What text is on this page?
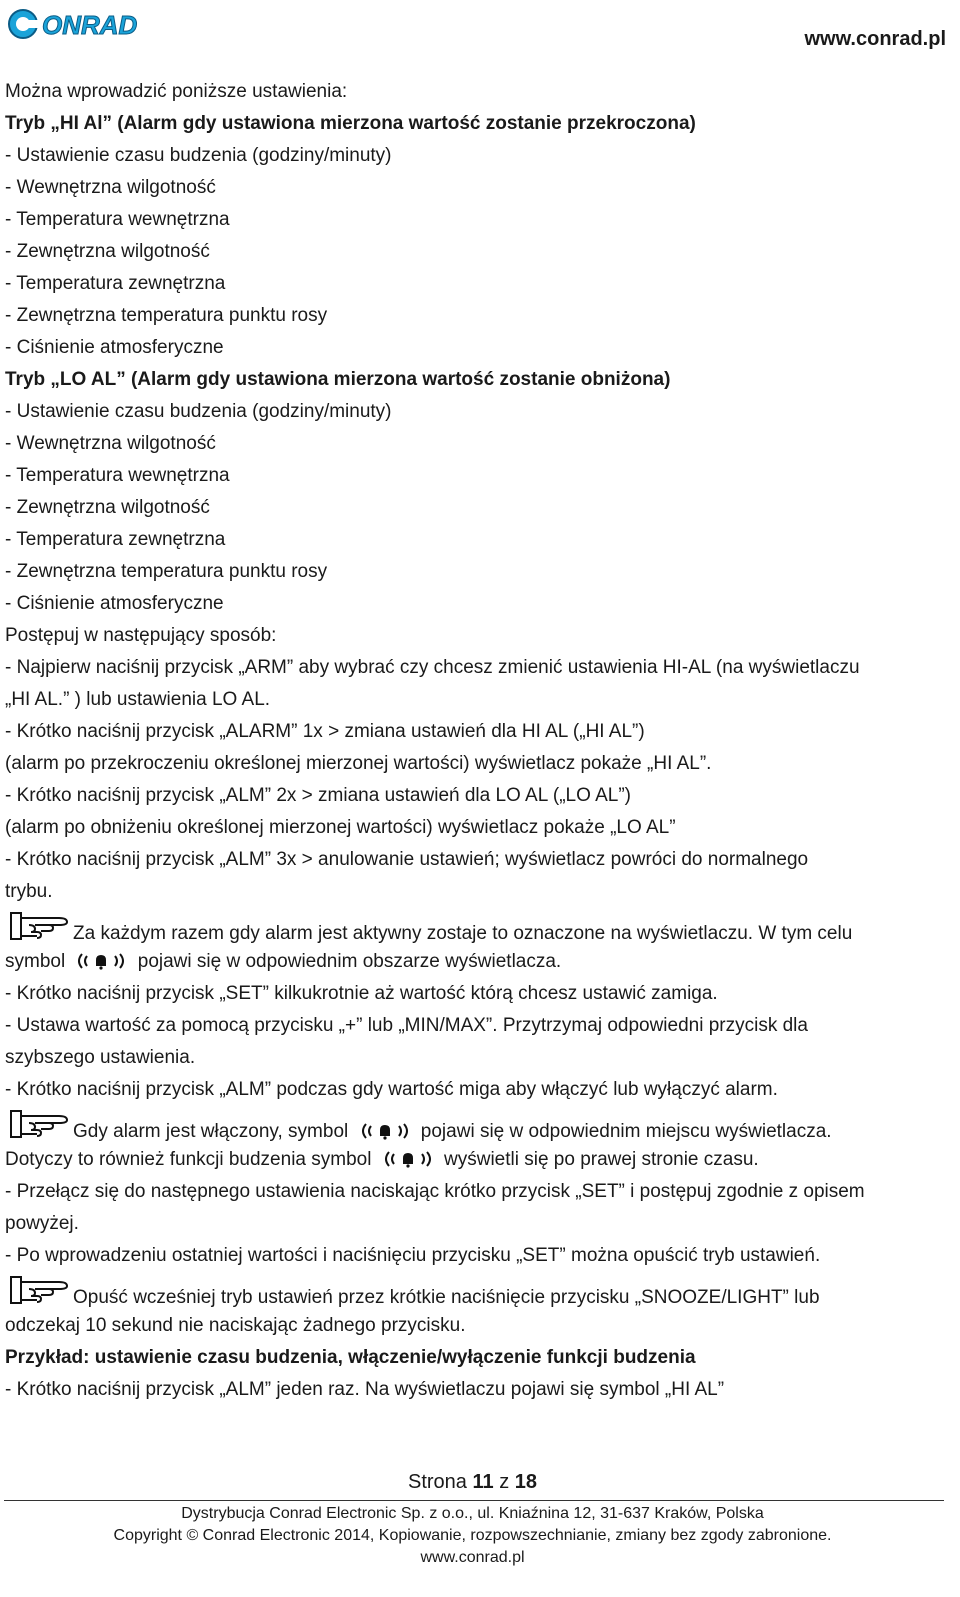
ONRAD	www.conrad.pl

Można wprowadzić poniższe ustawienia:

Tryb „HI Al” (Alarm gdy ustawiona mierzona wartość zostanie przekroczona)

- Ustawienie czasu budzenia (godziny/minuty)

- Wewnętrzna wilgotność

- Temperatura wewnętrzna

- Zewnętrzna wilgotność

- Temperatura zewnętrzna

- Zewnętrzna temperatura punktu rosy

- Ciśnienie atmosferyczne

Tryb „LO AL” (Alarm gdy ustawiona mierzona wartość zostanie obniżona)

- Ustawienie czasu budzenia (godziny/minuty)

- Wewnętrzna wilgotność

- Temperatura wewnętrzna

- Zewnętrzna wilgotność

- Temperatura zewnętrzna

- Zewnętrzna temperatura punktu rosy

- Ciśnienie atmosferyczne

Postępuj w następujący sposób:

- Najpierw naciśnij przycisk „ARM” aby wybrać czy chcesz zmienić ustawienia HI-AL (na wyświetlaczu

„HI AL.” ) lub ustawienia LO AL.

- Krótko naciśnij przycisk „ALARM” 1x > zmiana ustawień dla HI AL („HI AL”)

(alarm po przekroczeniu określonej mierzonej wartości) wyświetlacz pokaże „HI AL”.

- Krótko naciśnij przycisk „ALM” 2x > zmiana ustawień dla LO AL („LO AL”)

(alarm po obniżeniu określonej mierzonej wartości) wyświetlacz pokaże „LO AL”

- Krótko naciśnij przycisk „ALM” 3x > anulowanie ustawień; wyświetlacz powróci do normalnego

trybu.

Za każdym razem gdy alarm jest aktywny zostaje to oznaczone na wyświetlaczu. W tym celu

symbol	pojawi się w odpowiednim obszarze wyświetlacza.

- Krótko naciśnij przycisk „SET” kilkukrotnie aż wartość którą chcesz ustawić zamiga.

- Ustawa wartość za pomocą przycisku „+” lub „MIN/MAX”. Przytrzymaj odpowiedni przycisk dla

szybszego ustawienia.

- Krótko naciśnij przycisk „ALM” podczas gdy wartość miga aby włączyć lub wyłączyć alarm.

Gdy alarm jest włączony, symbol	pojawi się w odpowiednim miejscu wyświetlacza.

Dotyczy to również funkcji budzenia symbol	wyświetli się po prawej stronie czasu.

- Przełącz się do następnego ustawienia naciskając krótko przycisk „SET” i postępuj zgodnie z opisem

powyżej.

- Po wprowadzeniu ostatniej wartości i naciśnięciu przycisku „SET” można opuścić tryb ustawień.

Opuść wcześniej tryb ustawień przez krótkie naciśnięcie przycisku „SNOOZE/LIGHT” lub

odczekaj 10 sekund nie naciskając żadnego przycisku.

Przykład: ustawienie czasu budzenia, włączenie/wyłączenie funkcji budzenia

- Krótko naciśnij przycisk „ALM” jeden raz. Na wyświetlaczu pojawi się symbol „HI AL”

Strona 11 z 18
Dystrybucja Conrad Electronic Sp. z o.o., ul. Kniaźnina 12, 31-637 Kraków, Polska
Copyright © Conrad Electronic 2014, Kopiowanie, rozpowszechnianie, zmiany bez zgody zabronione.
www.conrad.pl
